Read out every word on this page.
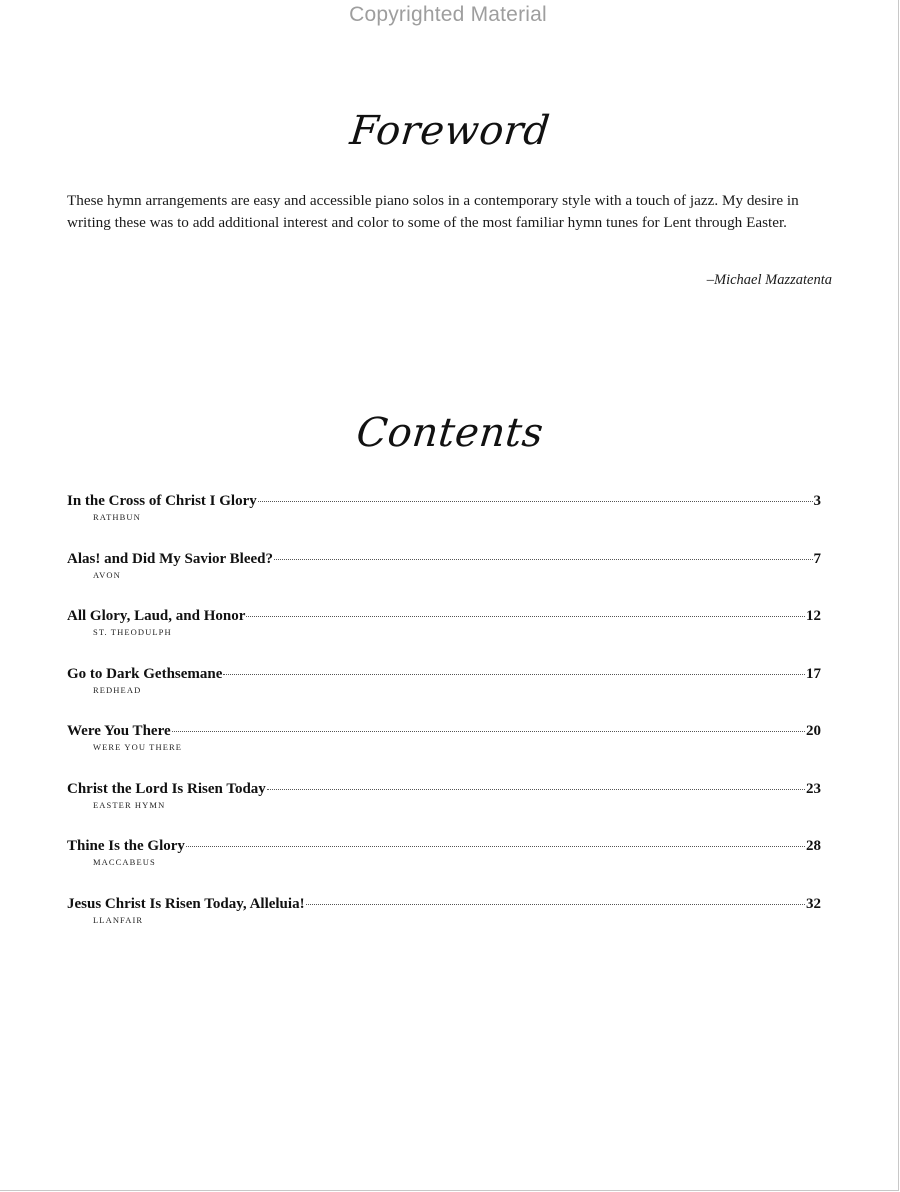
Copyrighted Material
Foreword

These hymn arrangements are easy and accessible piano solos in a contemporary style with a touch of jazz. My desire in writing these was to add additional interest and color to some of the most familiar hymn tunes for Lent through Easter.

–Michael Mazzatenta
Contents
In the Cross of Christ I Glory	3
RATHBUN
Alas! and Did My Savior Bleed?	7
AVON
All Glory, Laud, and Honor	12
ST. THEODULPH
Go to Dark Gethsemane	17
REDHEAD
Were You There	20
WERE YOU THERE
Christ the Lord Is Risen Today	23
EASTER HYMN
Thine Is the Glory	28
MACCABEUS
Jesus Christ Is Risen Today, Alleluia!	32
LLANFAIR
